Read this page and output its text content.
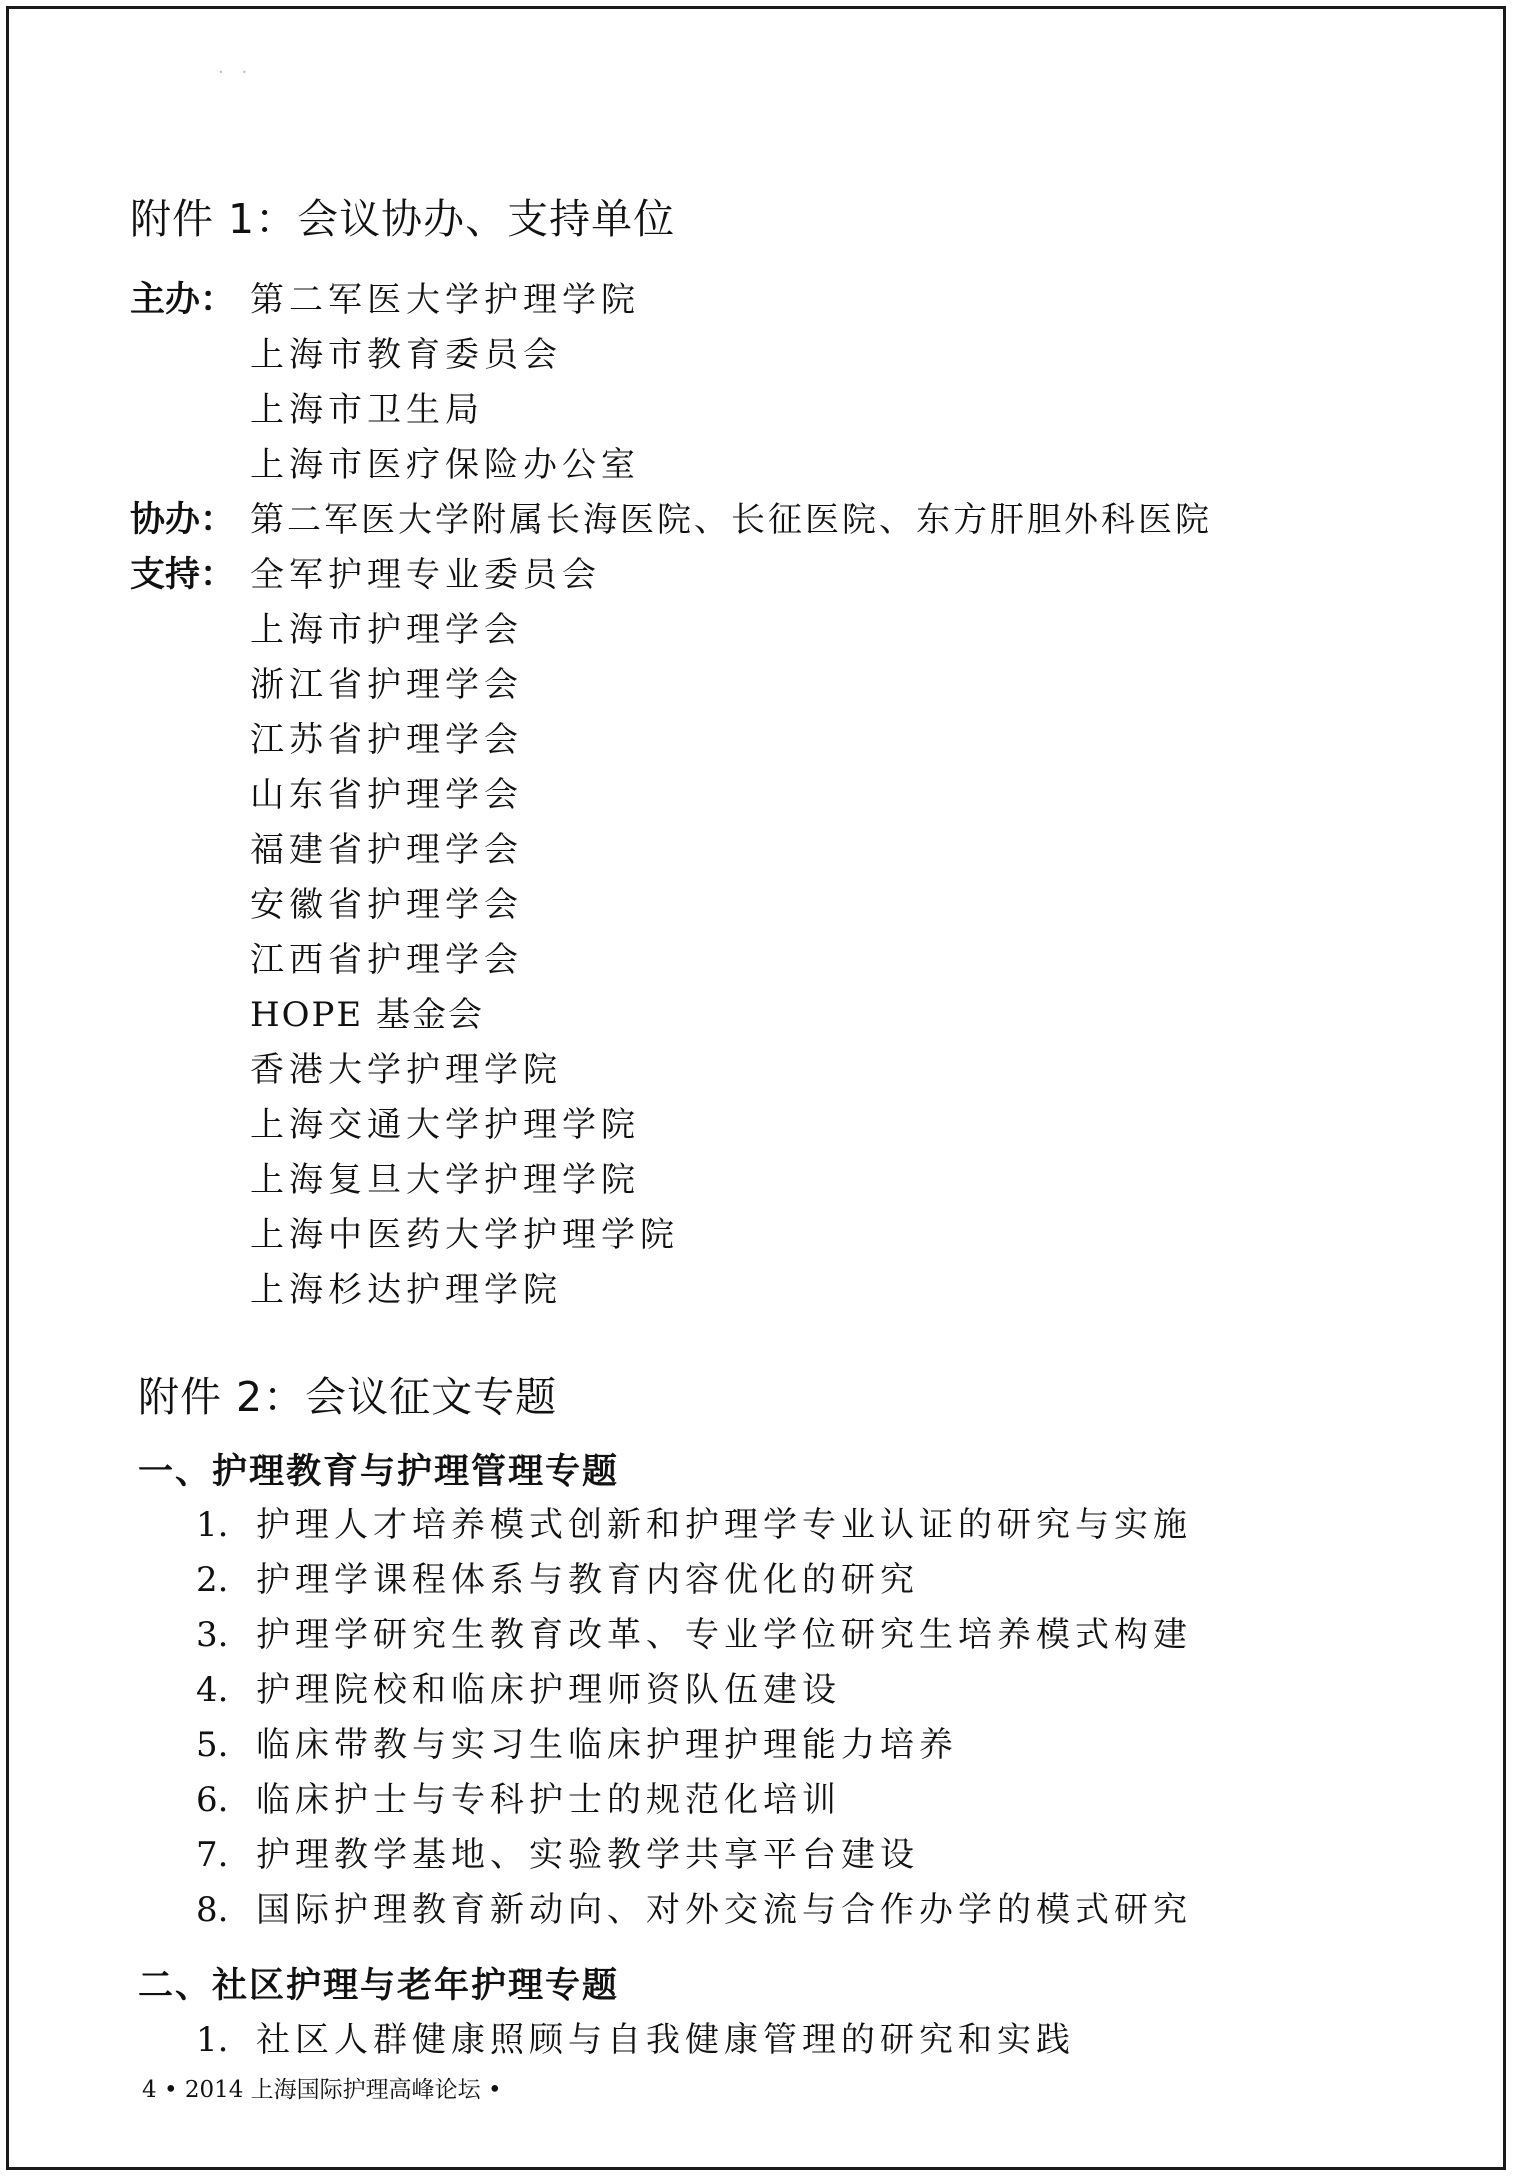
· ·
附件 1：会议协办、支持单位
主办： 第二军医大学护理学院
上海市教育委员会
上海市卫生局
上海市医疗保险办公室
协办： 第二军医大学附属长海医院、长征医院、东方肝胆外科医院
支持： 全军护理专业委员会
上海市护理学会
浙江省护理学会
江苏省护理学会
山东省护理学会
福建省护理学会
安徽省护理学会
江西省护理学会
HOPE 基金会
香港大学护理学院
上海交通大学护理学院
上海复旦大学护理学院
上海中医药大学护理学院
上海杉达护理学院
附件 2：会议征文专题
一、护理教育与护理管理专题
1. 护理人才培养模式创新和护理学专业认证的研究与实施
2. 护理学课程体系与教育内容优化的研究
3. 护理学研究生教育改革、专业学位研究生培养模式构建
4. 护理院校和临床护理师资队伍建设
5. 临床带教与实习生临床护理护理能力培养
6. 临床护士与专科护士的规范化培训
7. 护理教学基地、实验教学共享平台建设
8. 国际护理教育新动向、对外交流与合作办学的模式研究
二、社区护理与老年护理专题
1. 社区人群健康照顾与自我健康管理的研究和实践
4 • 2014 上海国际护理高峰论坛 •
